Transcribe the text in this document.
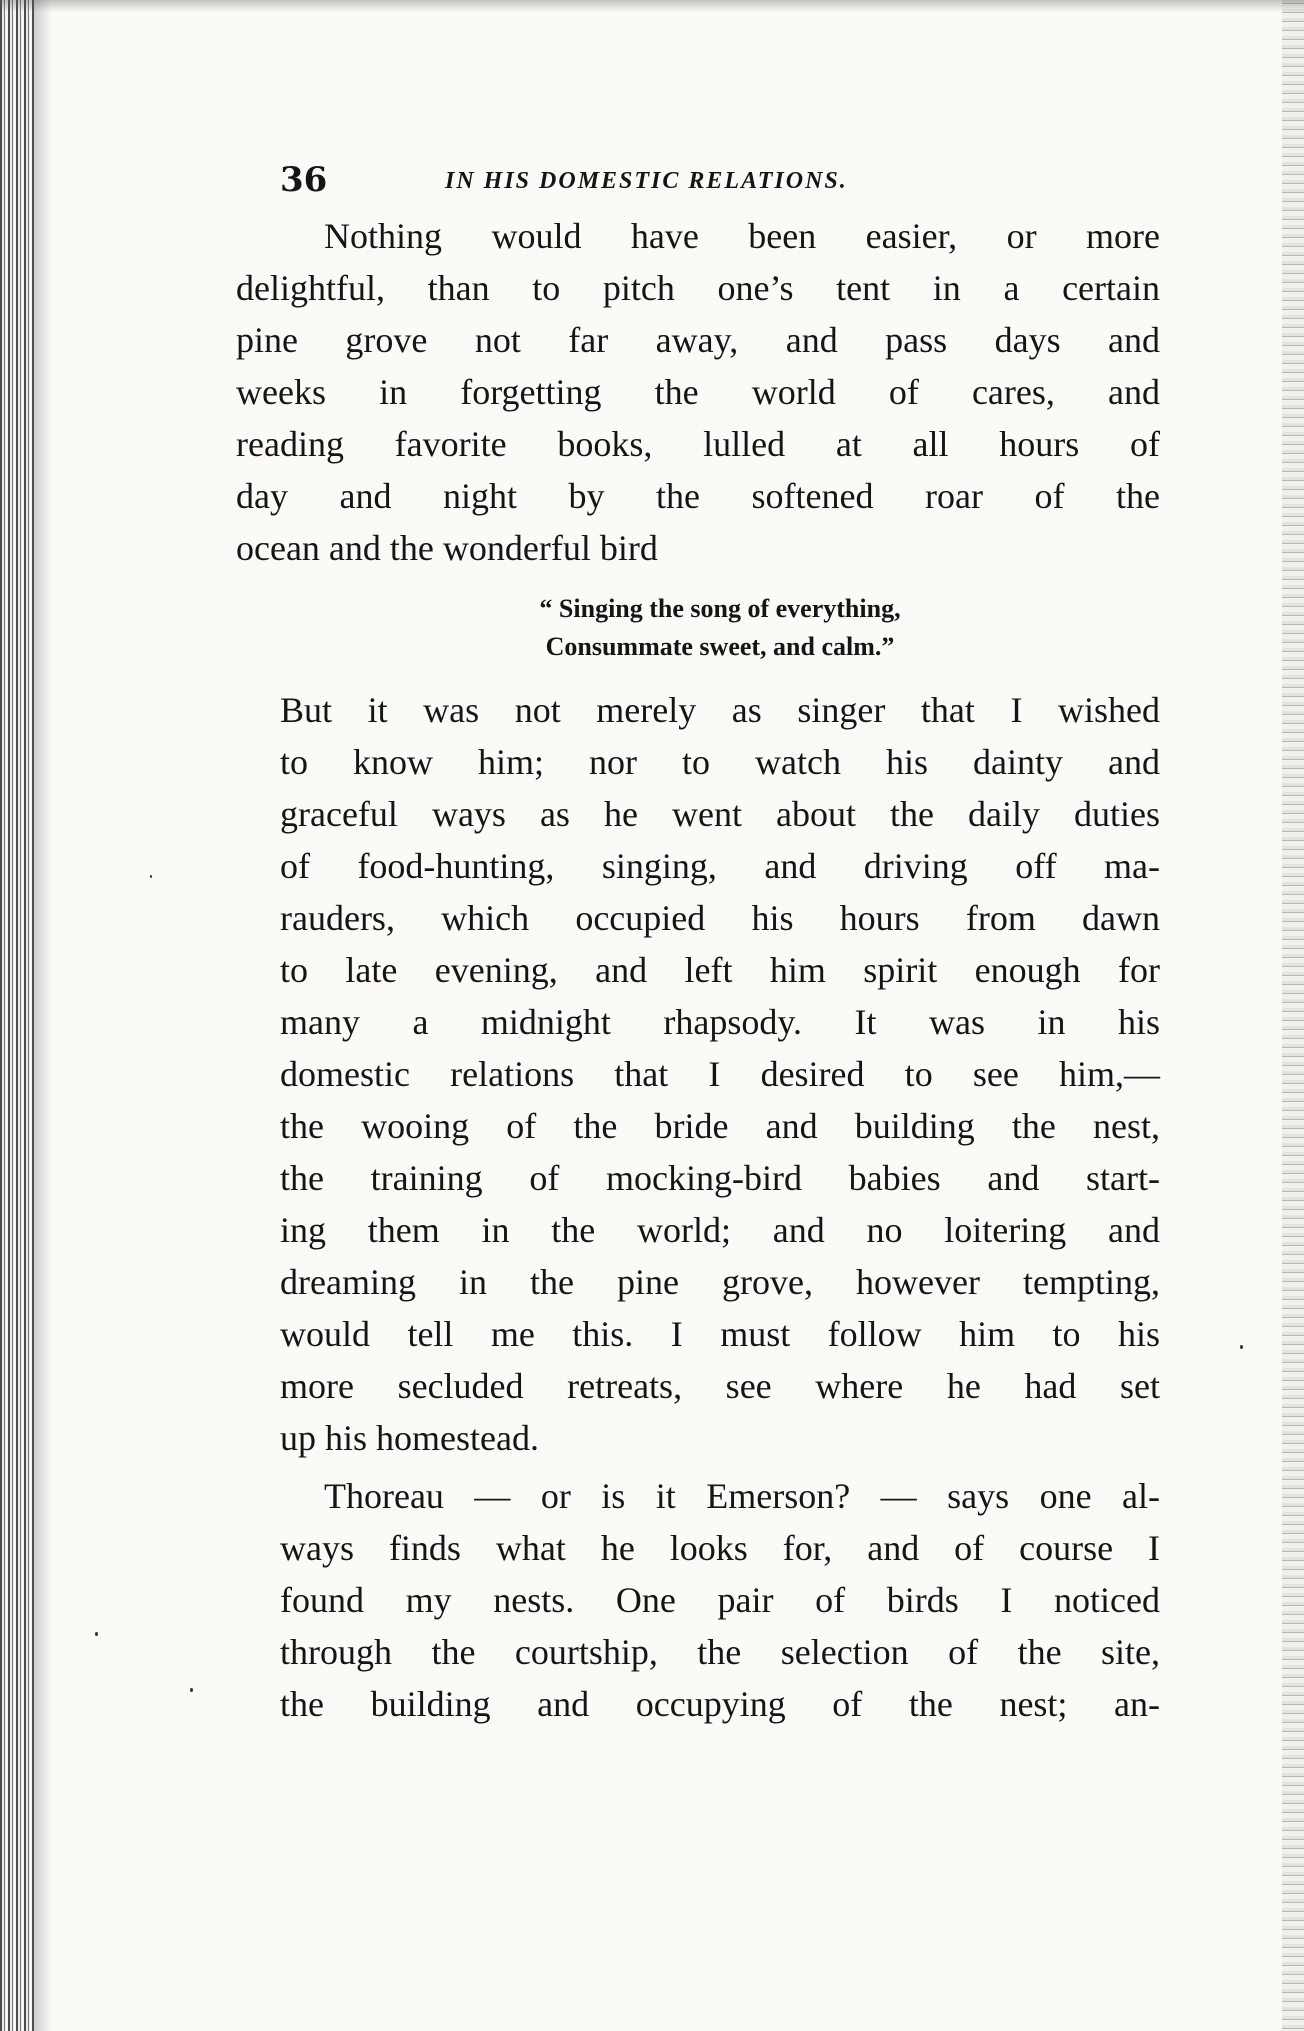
36	IN HIS DOMESTIC RELATIONS.
Nothing would have been easier, or more
delightful, than to pitch one’s tent in a certain
pine grove not far away, and pass days and
weeks in forgetting the world of cares, and
reading favorite books, lulled at all hours of
day and night by the softened roar of the
ocean and the wonderful bird
“ Singing the song of everything,
Consummate sweet, and calm.”
But it was not merely as singer that I wished
to know him; nor to watch his dainty and
graceful ways as he went about the daily duties
of food-hunting, singing, and driving off ma-
rauders, which occupied his hours from dawn
to late evening, and left him spirit enough for
many a midnight rhapsody. It was in his
domestic relations that I desired to see him,—
the wooing of the bride and building the nest,
the training of mocking-bird babies and start-
ing them in the world; and no loitering and
dreaming in the pine grove, however tempting,
would tell me this. I must follow him to his
more secluded retreats, see where he had set
up his homestead.
Thoreau — or is it Emerson? — says one al-
ways finds what he looks for, and of course I
found my nests. One pair of birds I noticed
through the courtship, the selection of the site,
the building and occupying of the nest; an-
